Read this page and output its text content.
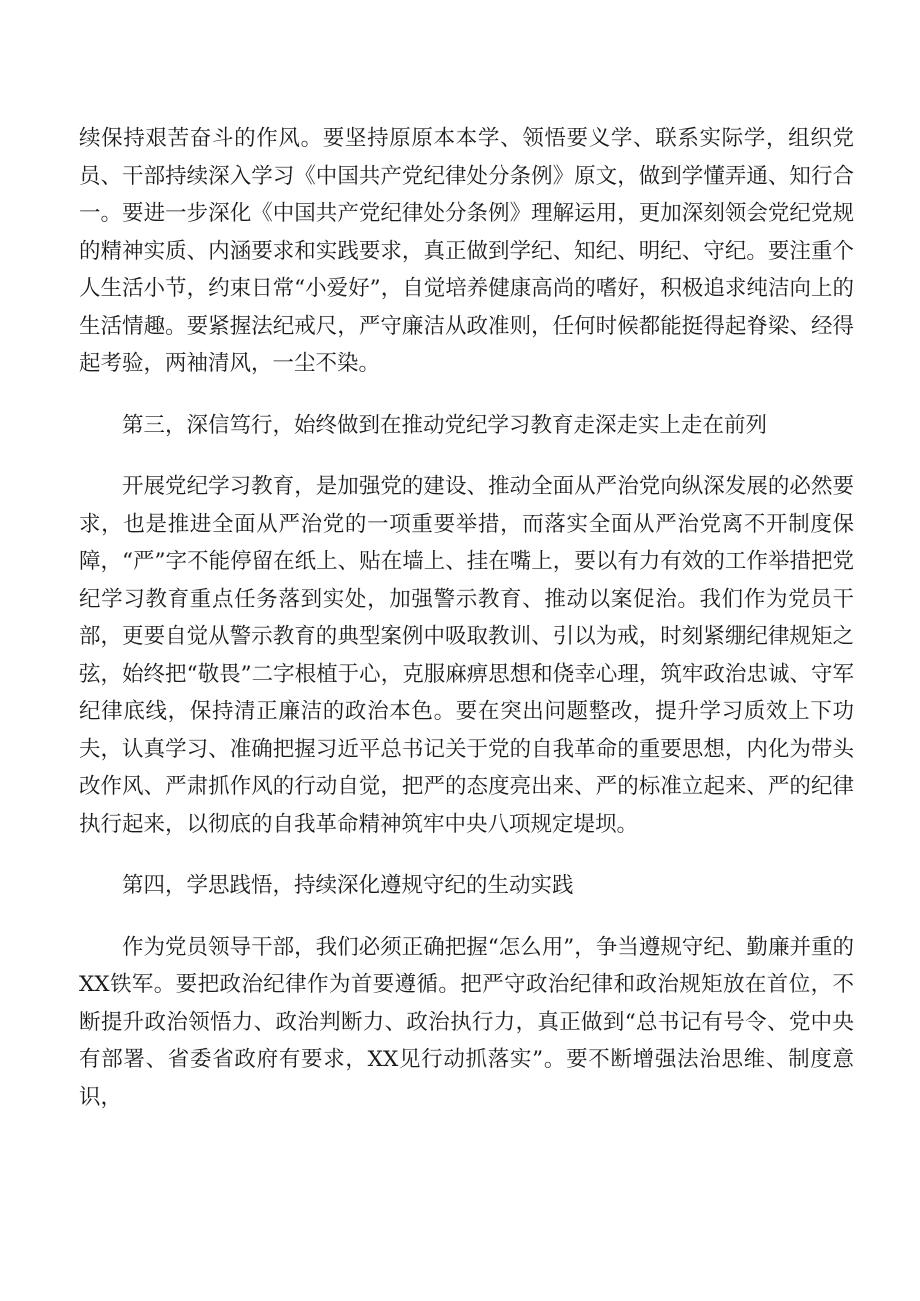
续保持艰苦奋斗的作风。要坚持原原本本学、领悟要义学、联系实际学，组织党员、干部持续深入学习《中国共产党纪律处分条例》原文，做到学懂弄通、知行合一。要进一步深化《中国共产党纪律处分条例》理解运用，更加深刻领会党纪党规的精神实质、内涵要求和实践要求，真正做到学纪、知纪、明纪、守纪。要注重个人生活小节，约束日常“小爱好”，自觉培养健康高尚的嗜好，积极追求纯洁向上的生活情趣。要紧握法纪戒尺，严守廉洁从政准则，任何时候都能挺得起脊梁、经得起考验，两袖清风，一尘不染。

第三，深信笃行，始终做到在推动党纪学习教育走深走实上走在前列

开展党纪学习教育，是加强党的建设、推动全面从严治党向纵深发展的必然要求，也是推进全面从严治党的一项重要举措，而落实全面从严治党离不开制度保障，“严”字不能停留在纸上、贴在墙上、挂在嘴上，要以有力有效的工作举措把党纪学习教育重点任务落到实处，加强警示教育、推动以案促治。我们作为党员干部，更要自觉从警示教育的典型案例中吸取教训、引以为戒，时刻紧绷纪律规矩之弦，始终把“敬畏”二字根植于心，克服麻痹思想和侥幸心理，筑牢政治忠诚、守军纪律底线，保持清正廉洁的政治本色。要在突出问题整改，提升学习质效上下功夫，认真学习、准确把握习近平总书记关于党的自我革命的重要思想，内化为带头改作风、严肃抓作风的行动自觉，把严的态度亮出来、严的标准立起来、严的纪律执行起来，以彻底的自我革命精神筑牢中央八项规定堤坝。

第四，学思践悟，持续深化遵规守纪的生动实践

作为党员领导干部，我们必须正确把握“怎么用”，争当遵规守纪、勤廉并重的XX铁军。要把政治纪律作为首要遵循。把严守政治纪律和政治规矩放在首位，不断提升政治领悟力、政治判断力、政治执行力，真正做到“总书记有号令、党中央有部署、省委省政府有要求，XX见行动抓落实”。要不断增强法治思维、制度意识，
